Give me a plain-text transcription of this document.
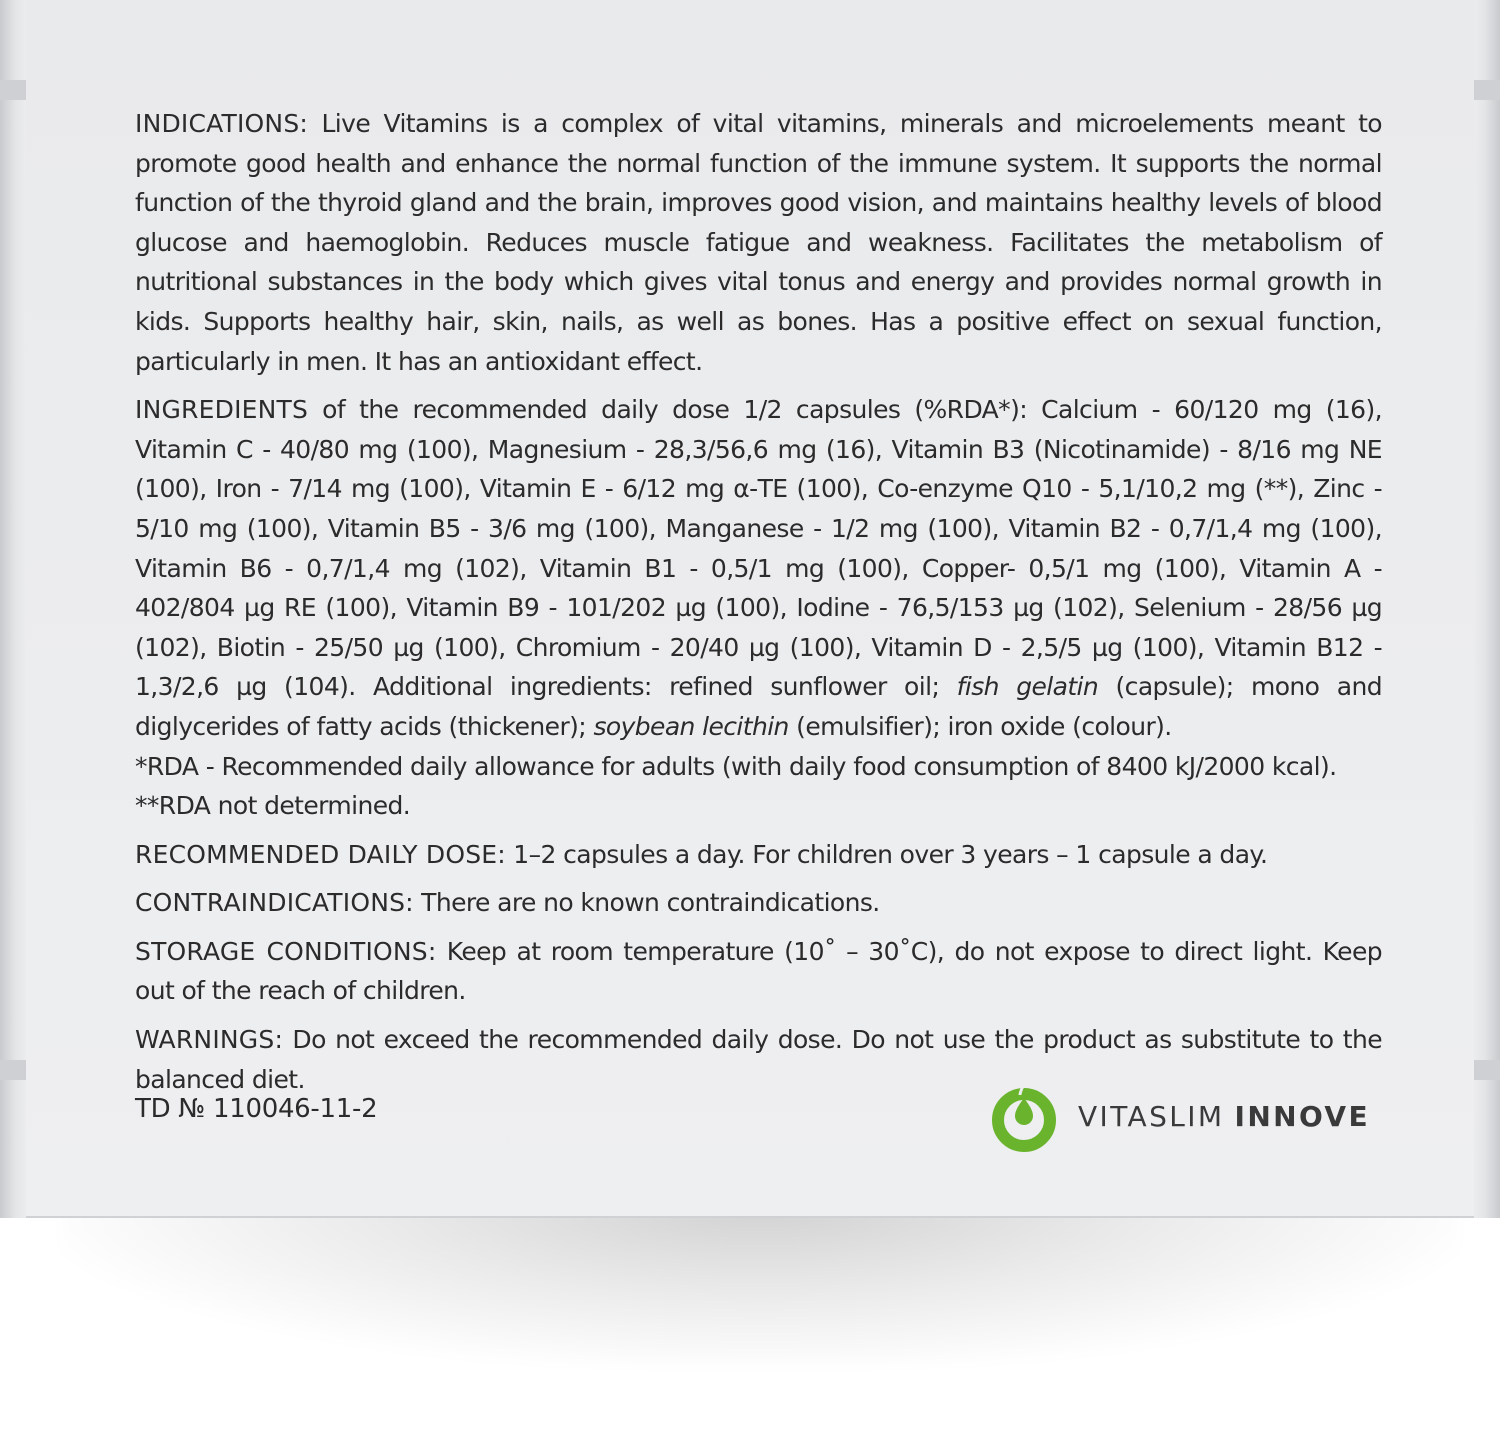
INDICATIONS: Live Vitamins is a complex of vital vitamins, minerals and microelements meant to promote good health and enhance the normal function of the immune system. It supports the normal function of the thyroid gland and the brain, improves good vision, and maintains healthy levels of blood glucose and haemoglobin. Reduces muscle fatigue and weakness. Facilitates the metabolism of nutritional substances in the body which gives vital tonus and energy and provides normal growth in kids. Supports healthy hair, skin, nails, as well as bones. Has a positive effect on sexual function, particularly in men. It has an antioxidant effect.

INGREDIENTS of the recommended daily dose 1/2 capsules (%RDA*): Calcium - 60/120 mg (16), Vitamin C - 40/80 mg (100), Magnesium - 28,3/56,6 mg (16), Vitamin B3 (Nicotinamide) - 8/16 mg NE (100), Iron - 7/14 mg (100), Vitamin E - 6/12 mg α-TE (100), Co-enzyme Q10 - 5,1/10,2 mg (**), Zinc - 5/10 mg (100), Vitamin B5 - 3/6 mg (100), Manganese - 1/2 mg (100), Vitamin B2 - 0,7/1,4 mg (100), Vitamin B6 - 0,7/1,4 mg (102), Vitamin B1 - 0,5/1 mg (100), Copper- 0,5/1 mg (100), Vitamin A - 402/804 µg RE (100), Vitamin B9 - 101/202 µg (100), Iodine - 76,5/153 µg (102), Selenium - 28/56 µg (102), Biotin - 25/50 µg (100), Chromium - 20/40 µg (100), Vitamin D - 2,5/5 µg (100), Vitamin B12 - 1,3/2,6 µg (104). Additional ingredients: refined sunflower oil; fish gelatin (capsule); mono and diglycerides of fatty acids (thickener); soybean lecithin (emulsifier); iron oxide (colour).

*RDA - Recommended daily allowance for adults (with daily food consumption of 8400 kJ/2000 kcal).

**RDA not determined.

RECOMMENDED DAILY DOSE: 1–2 capsules a day. For children over 3 years – 1 capsule a day.

CONTRAINDICATIONS: There are no known contraindications.

STORAGE CONDITIONS: Keep at room temperature (10˚ – 30˚C), do not expose to direct light. Keep out of the reach of children.

WARNINGS: Do not exceed the recommended daily dose. Do not use the product as substitute to the balanced diet.

TD № 110046-11-2	VITASLIM INNOVE
